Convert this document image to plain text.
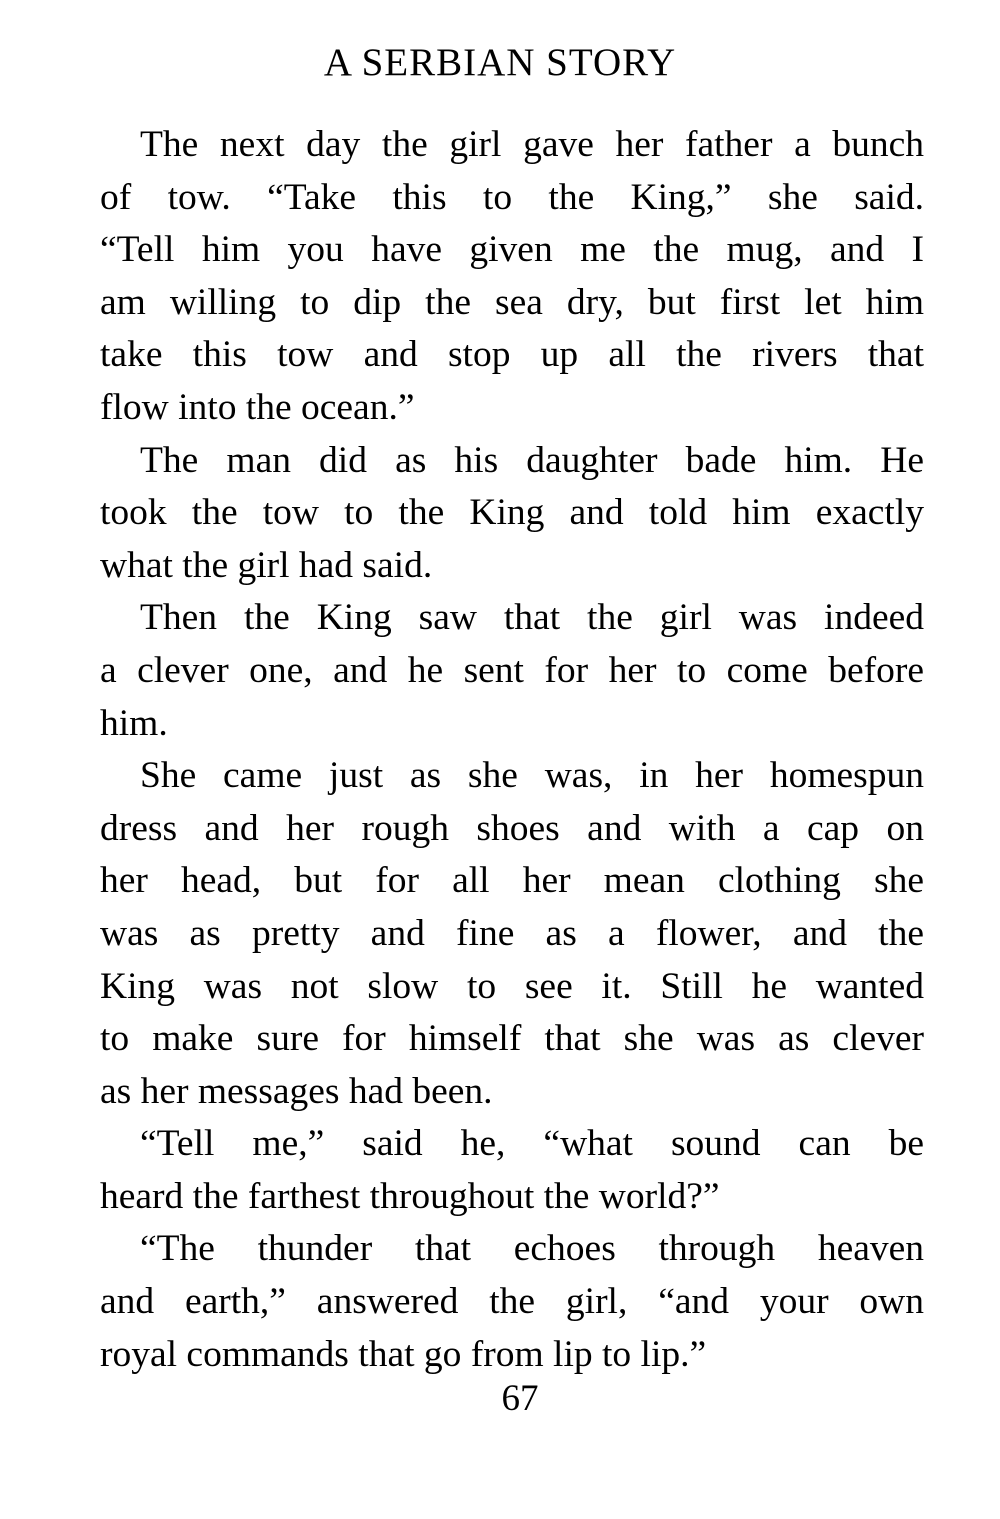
A SERBIAN STORY
The next day the girl gave her father a bunch
of tow. “Take this to the King,” she said.
“Tell him you have given me the mug, and I
am willing to dip the sea dry, but first let him
take this tow and stop up all the rivers that
flow into the ocean.”
The man did as his daughter bade him. He
took the tow to the King and told him exactly
what the girl had said.
Then the King saw that the girl was indeed
a clever one, and he sent for her to come before
him.
She came just as she was, in her homespun
dress and her rough shoes and with a cap on
her head, but for all her mean clothing she
was as pretty and fine as a flower, and the
King was not slow to see it. Still he wanted
to make sure for himself that she was as clever
as her messages had been.
“Tell me,” said he, “what sound can be
heard the farthest throughout the world?”
“The thunder that echoes through heaven
and earth,” answered the girl, “and your own
royal commands that go from lip to lip.”
67
